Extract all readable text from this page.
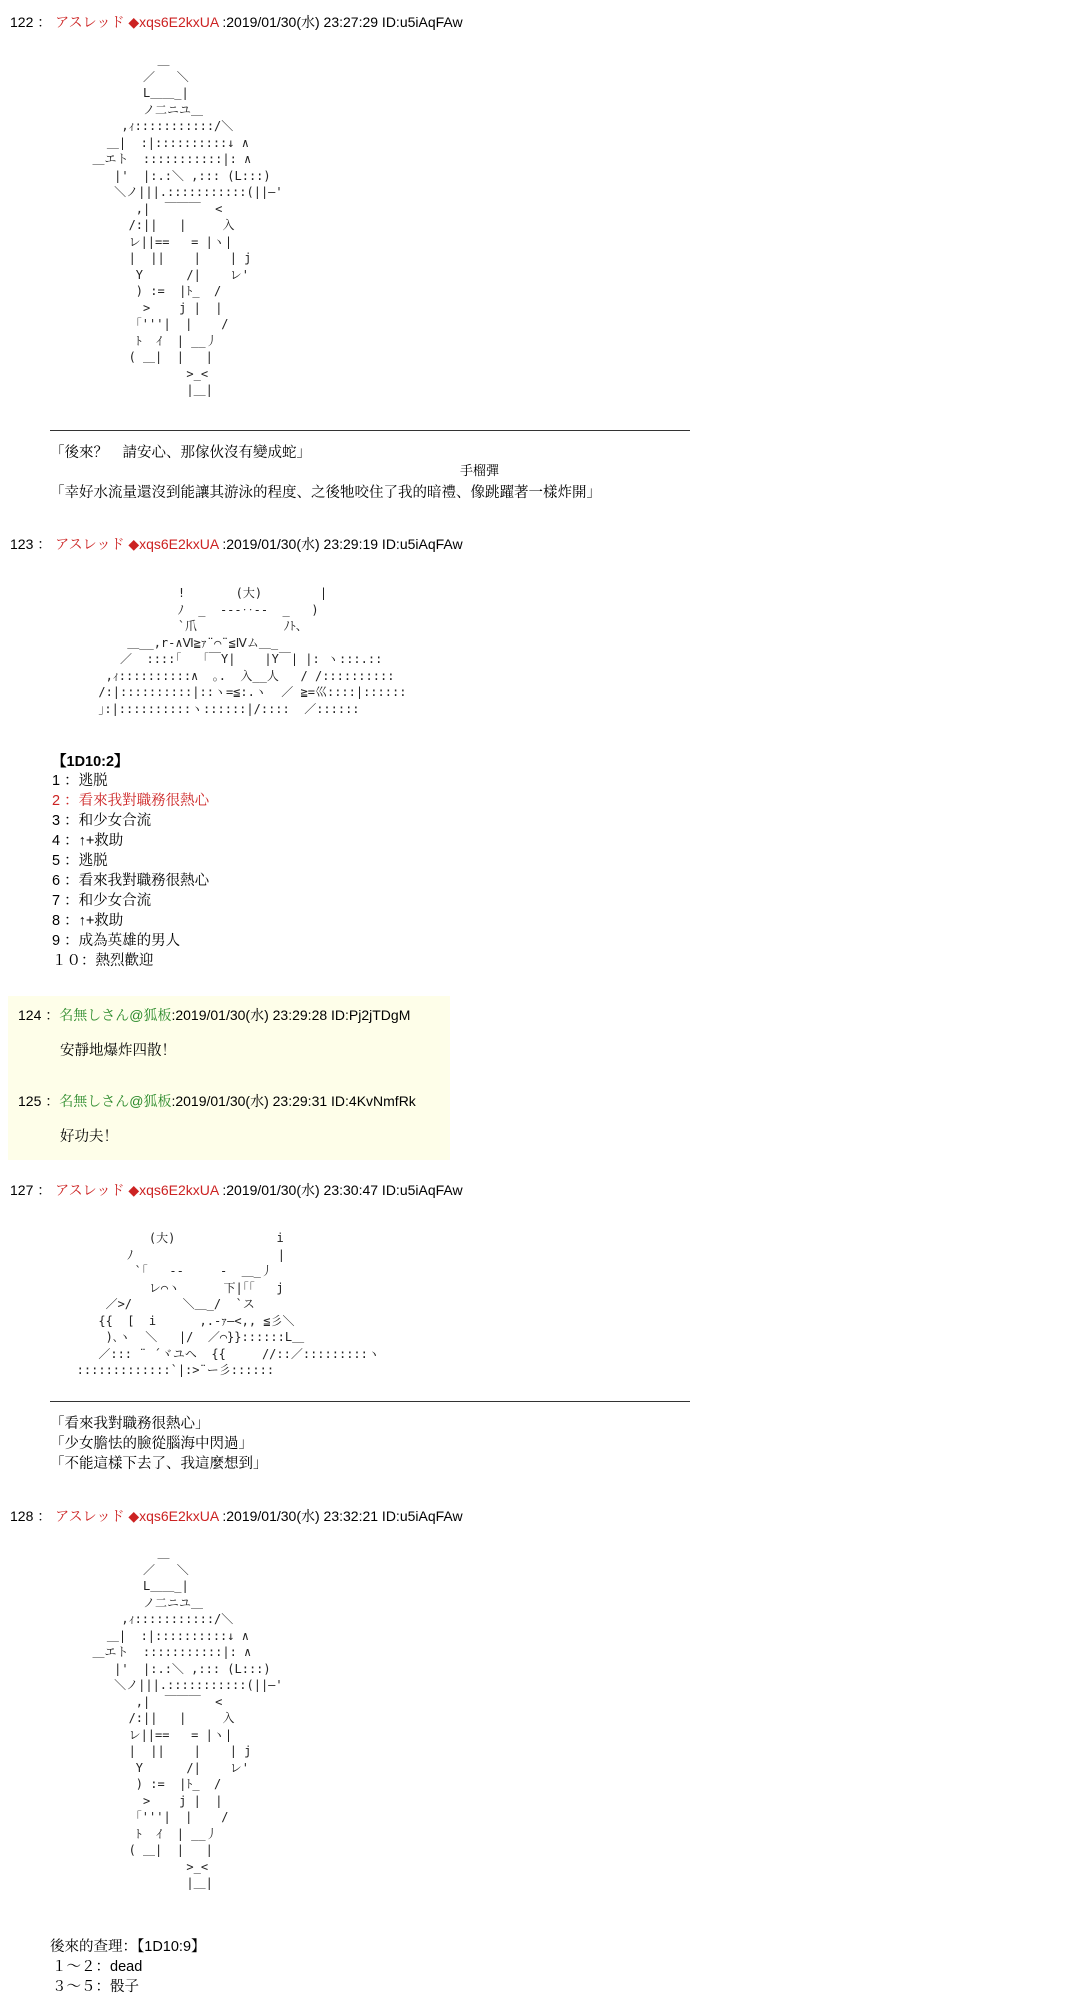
122 ： アスレッド ◆xqs6E2kxUA :2019/01/30(水) 23:27:29 ID:u5iAqFAw
＿
／   ＼
L＿＿_|
ノ二ニユ＿
,ｨ:::::::::::/＼
＿|  :|::::::::::↓ ∧
＿エト  :::::::::::|: ∧
|'  |:.:＼ ,::: (L:::)
＼ノ|||.:::::::::::(||―'
,|  ￣￣￣  <
/:||   |     入
レ||==   = |ヽ|
|  ||    |    | j
Y      /|    レ'
) :=  |ﾄ_  /
>    j |  |
｢'''|  |    /
ﾄ  ｲ  | __丿
( ＿|  |   |
>_<
|＿|
「後來？　請安心、那傢伙沒有變成蛇」
手榴彈
「幸好水流量還沒到能讓其游泳的程度、之後牠咬住了我的暗禮、像跳躍著一樣炸開」
123 ： アスレッド ◆xqs6E2kxUA :2019/01/30(水) 23:29:19 ID:u5iAqFAw
!       (大)        |
ﾉ  _  ---‥--  _   )
`爪            ﾉﾄ、
＿__,r‐∧Ⅵ≧ｧ¨⌒¨≦Ⅳム＿_
／  ::::｢   ｢￣Y|    |Y￣| |: ヽ:::.::
,ｨ::::::::::∧  ｡.  入__人   / /::::::::::
/:|::::::::::|::ヽ=≦:.ヽ  ／ ≧=巛::::|::::::
｣:|::::::::::ヽ::::::|/::::  ／::::::
【1D10:2】
1 ：逃脱
2 ：看來我對職務很熱心
3 ：和少女合流
4 ：↑+救助
5 ：逃脱
6 ：看來我對職務很熱心
7 ：和少女合流
8 ：↑+救助
9 ：成為英雄的男人
１０：熱烈歡迎
124 ：名無しさん@狐板:2019/01/30(水) 23:29:28 ID:Pj2jTDgM
安靜地爆炸四散！
125 ：名無しさん@狐板:2019/01/30(水) 23:29:31 ID:4KvNmfRk
好功夫！
127 ： アスレッド ◆xqs6E2kxUA :2019/01/30(水) 23:30:47 ID:u5iAqFAw
(大)              i
ﾉ                    |
`｢   --     -  ＿_丿
レ⌒ヽ      下|｢｢   j
／>/       ＼＿_/  `ス
{{  [  i      ,.-ｧ―<,, ≦彡＼
)､ヽ  ＼   |/  ／⌒}}::::::L＿
／::: ¨ ´ヾユヘ  {{     //::／:::::::::ヽ
:::::::::::::`|:>¨ー彡::::::
「看來我對職務很熱心」
「少女膽怯的臉從腦海中閃過」
「不能這樣下去了、我這麼想到」
128 ： アスレッド ◆xqs6E2kxUA :2019/01/30(水) 23:32:21 ID:u5iAqFAw
＿
／   ＼
L＿＿_|
ノ二ニユ＿
,ｨ:::::::::::/＼
＿|  :|::::::::::↓ ∧
＿エト  :::::::::::|: ∧
|'  |:.:＼ ,::: (L:::)
＼ノ|||.:::::::::::(||―'
,|  ￣￣￣  <
/:||   |     入
レ||==   = |ヽ|
|  ||    |    | j
Y      /|    レ'
) :=  |ﾄ_  /
>    j |  |
｢'''|  |    /
ﾄ  ｲ  | __丿
( ＿|  |   |
>_<
|＿|
後來的查理：【1D10:9】
１～２：dead
３～５：骰子
